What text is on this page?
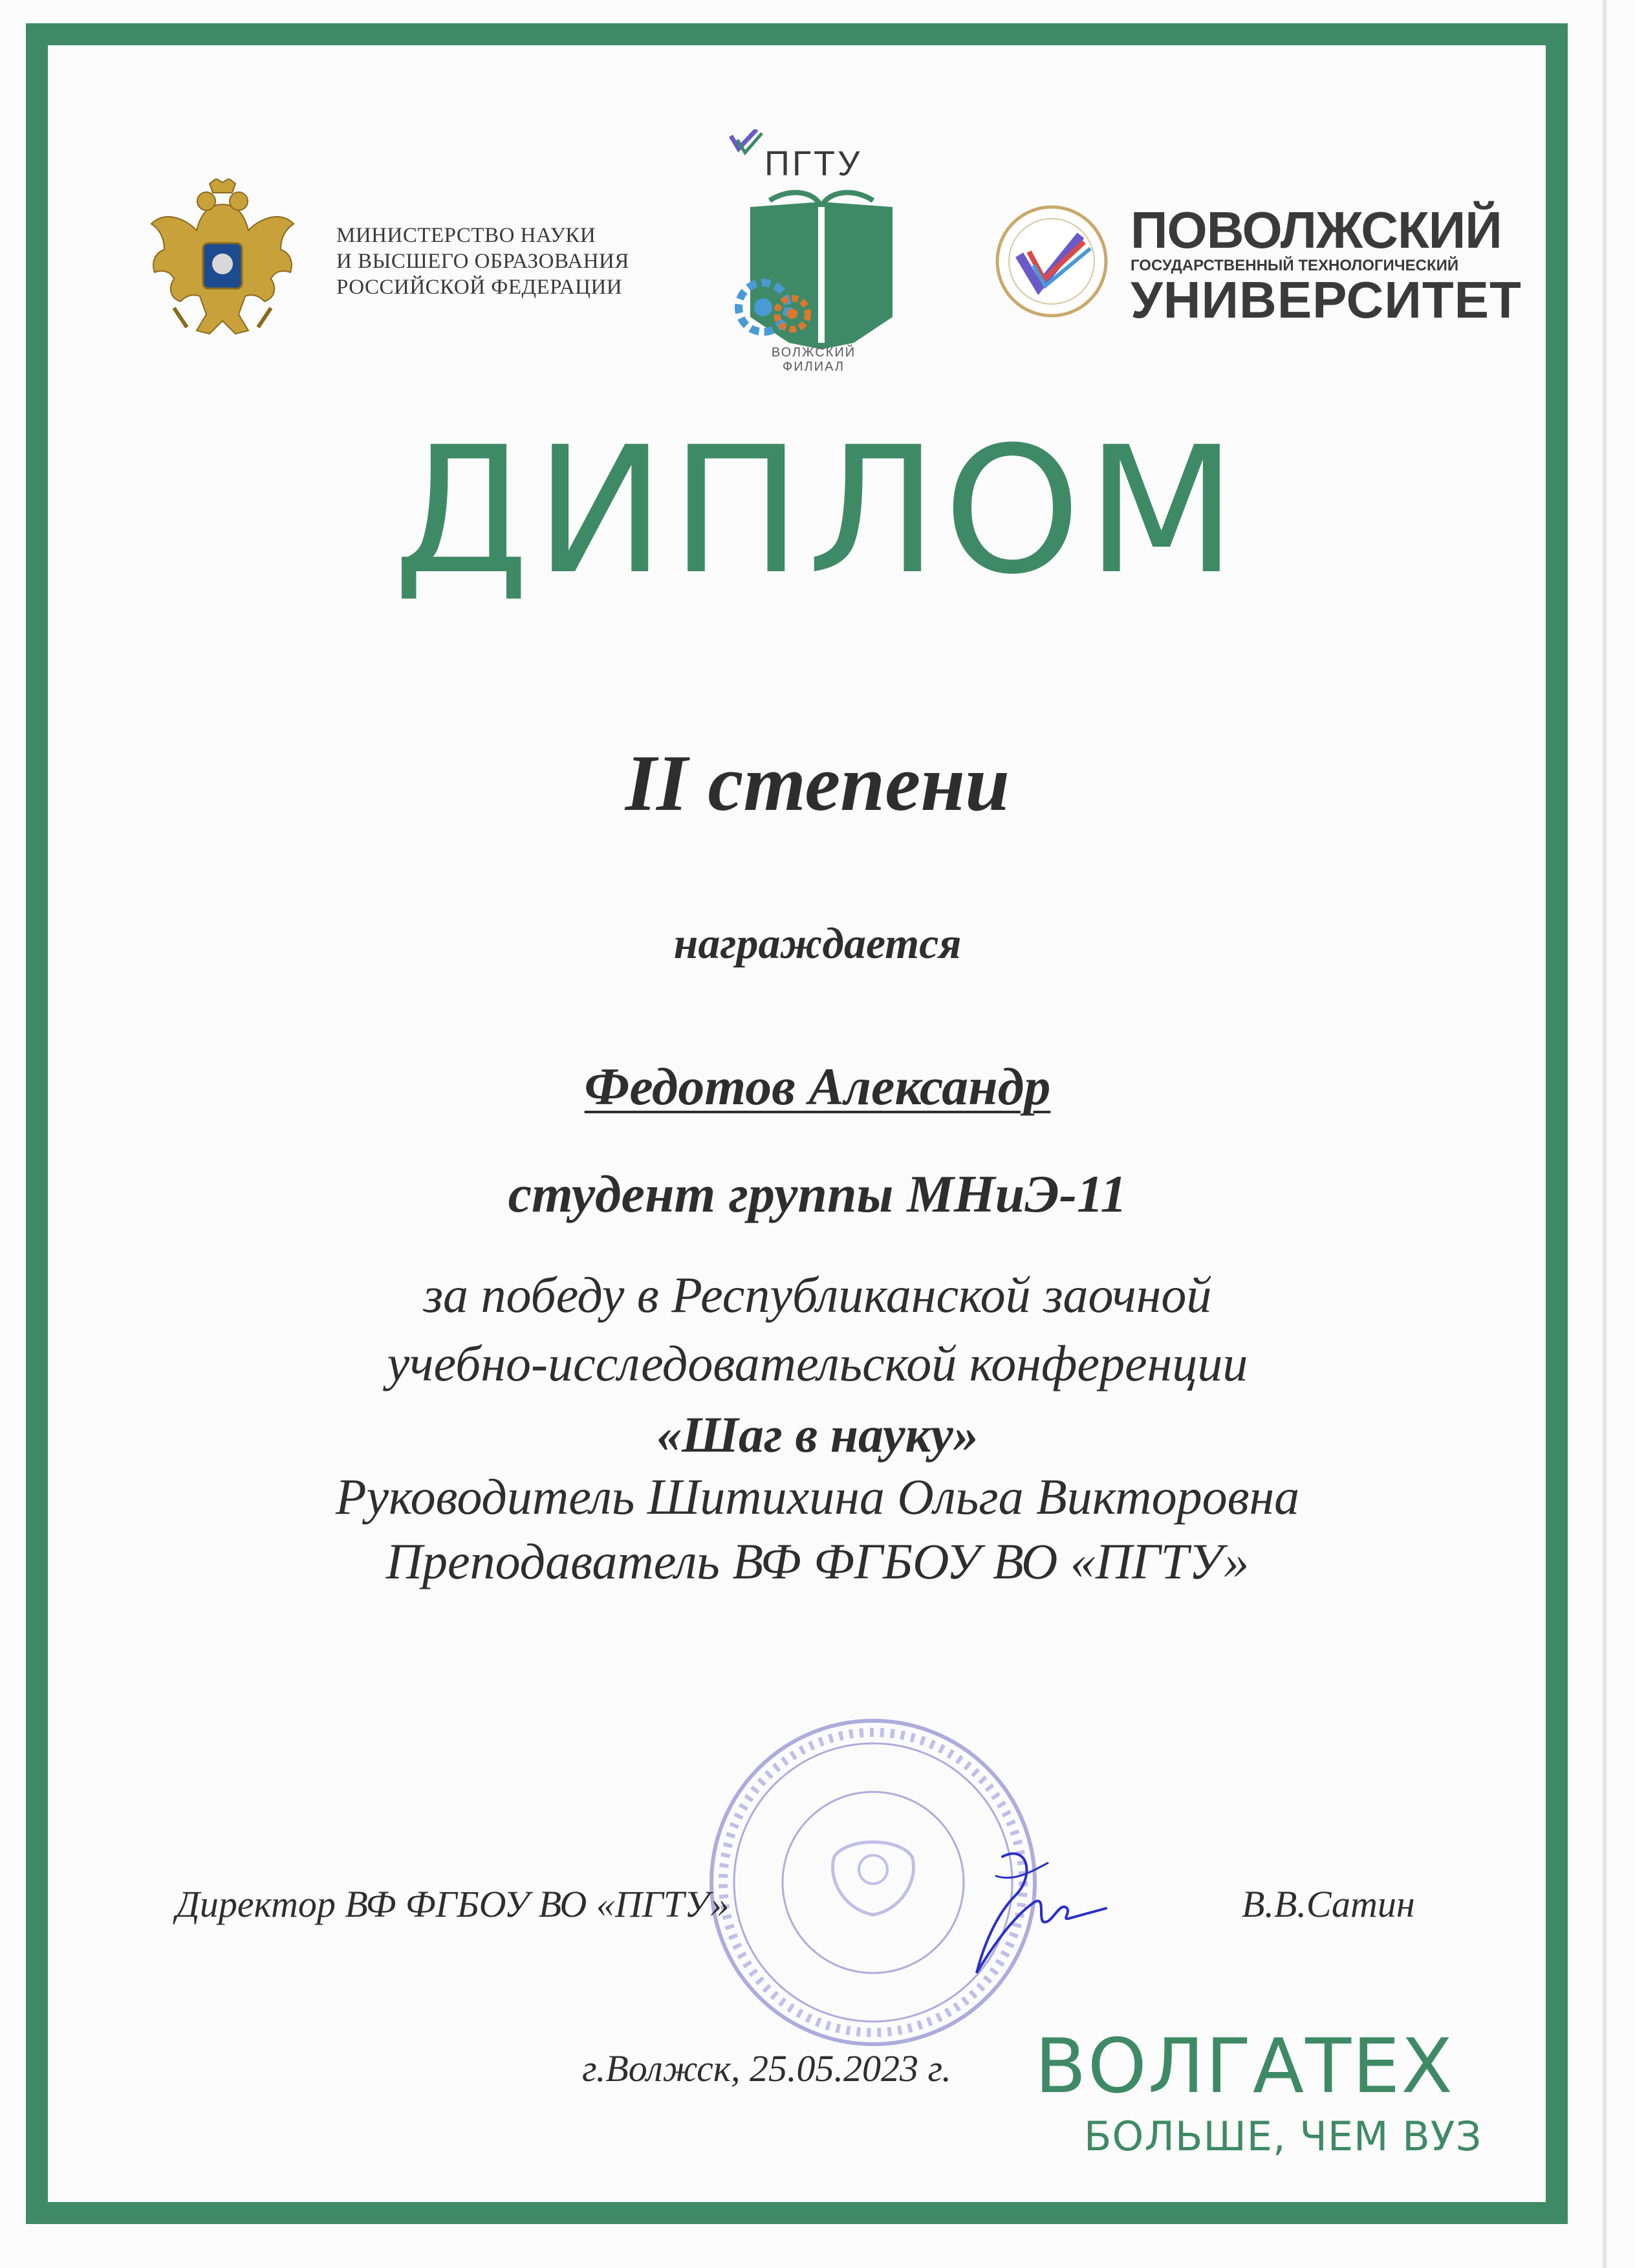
МИНИСТЕРСТВО НАУКИ
И ВЫСШЕГО ОБРАЗОВАНИЯ
РОССИЙСКОЙ ФЕДЕРАЦИИ
ПГТУ
ВОЛЖСКИЙ
ФИЛИАЛ
ПОВОЛЖСКИЙ
ГОСУДАРСТВЕННЫЙ ТЕХНОЛОГИЧЕСКИЙ
УНИВЕРСИТЕТ
ДИПЛОМ
II степени
награждается
Федотов Александр
студент группы МНиЭ-11
за победу в Республиканской заочной
учебно-исследовательской конференции
«Шаг в науку»
Руководитель Шитихина Ольга Викторовна
Преподаватель ВФ ФГБОУ ВО «ПГТУ»
Директор ВФ ФГБОУ ВО «ПГТУ»	В.В.Сатин
г.Волжск, 25.05.2023 г. ВОЛГАТЕХ
БОЛЬШЕ, ЧЕМ ВУЗ
